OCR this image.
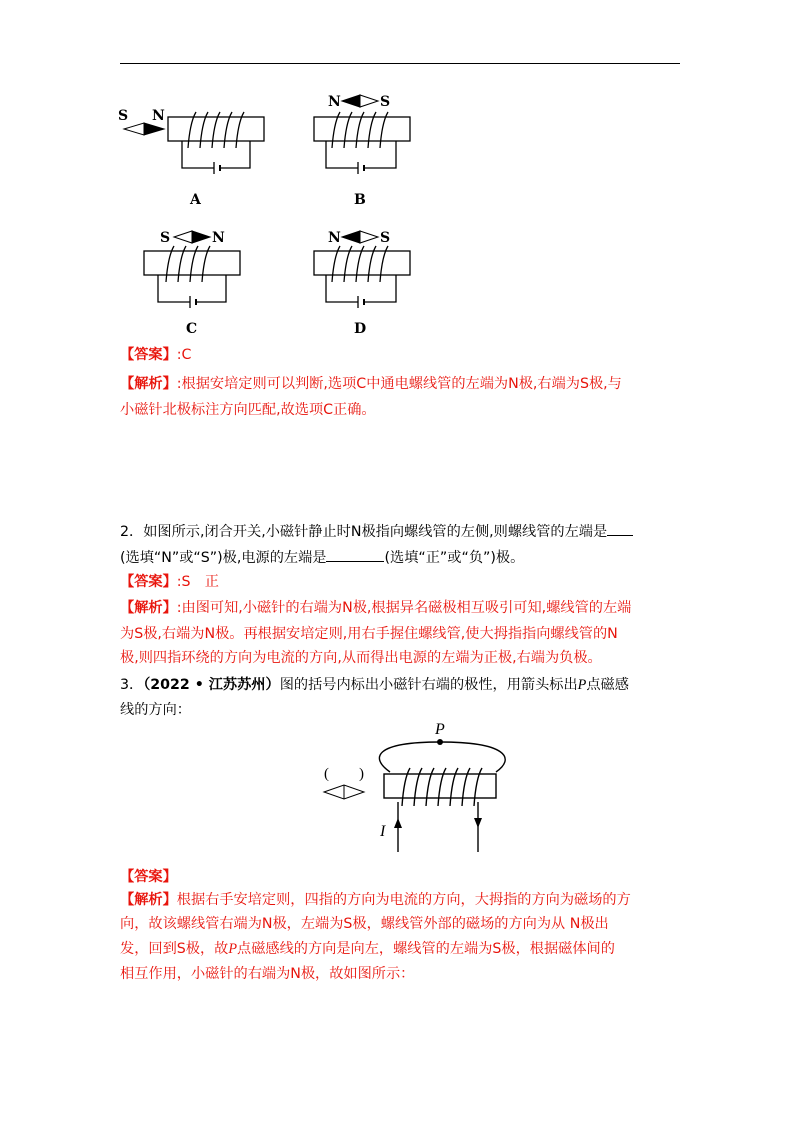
S N
A
N	S
B
S	N
C
N	S
D
【答案】:C
【解析】:根据安培定则可以判断,选项C中通电螺线管的左端为N极,右端为S极,与
小磁针北极标注方向匹配,故选项C正确。
2．如图所示,闭合开关,小磁针静止时N极指向螺线管的左侧,则螺线管的左端是
(选填“N”或“S”)极,电源的左端是	(选填“正”或“负”)极。
【答案】:S　正
【解析】:由图可知,小磁针的右端为N极,根据异名磁极相互吸引可知,螺线管的左端
为S极,右端为N极。再根据安培定则,用右手握住螺线管,使大拇指指向螺线管的N
极,则四指环绕的方向为电流的方向,从而得出电源的左端为正极,右端为负极。
3．（2022 • 江苏苏州）图的括号内标出小磁针右端的极性，用箭头标出P点磁感
线的方向：
P
I
(　　)
【答案】
【解析】根据右手安培定则，四指的方向为电流的方向，大拇指的方向为磁场的方
向，故该螺线管右端为N极，左端为S极，螺线管外部的磁场的方向为从 N极出
发，回到S极，故P点磁感线的方向是向左，螺线管的左端为S极，根据磁体间的
相互作用，小磁针的右端为N极，故如图所示：
